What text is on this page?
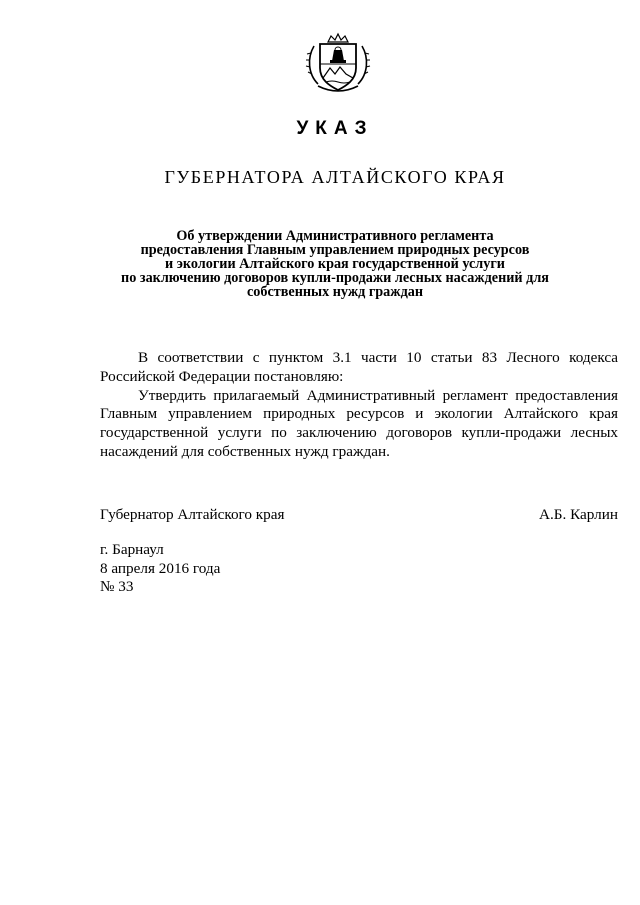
УКАЗ
ГУБЕРНАТОРА АЛТАЙСКОГО КРАЯ
Об утверждении Административного регламента
предоставления Главным управлением природных ресурсов
и экологии Алтайского края государственной услуги
по заключению договоров купли-продажи лесных насаждений для
собственных нужд граждан

В соответствии с пунктом 3.1 части 10 статьи 83 Лесного кодекса Российской Федерации постановляю:

Утвердить прилагаемый Административный регламент предоставления Главным управлением природных ресурсов и экологии Алтайского края государственной услуги по заключению договоров купли-продажи лесных насаждений для собственных нужд граждан.

Губернатор Алтайского края	А.Б. Карлин
г. Барнаул
8 апреля 2016 года
№ 33
